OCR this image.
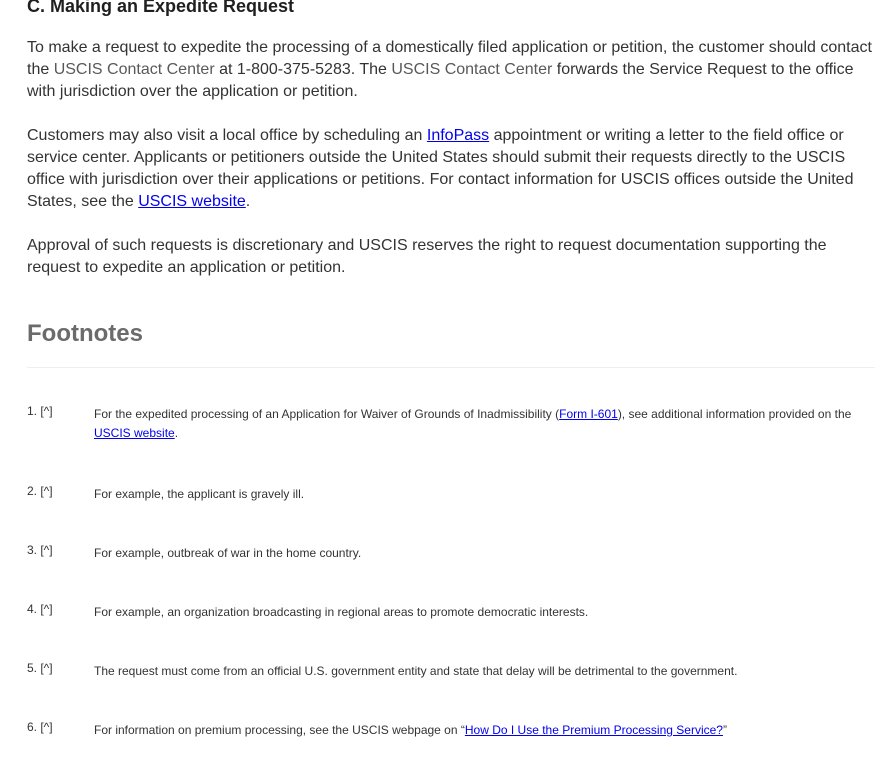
C. Making an Expedite Request

To make a request to expedite the processing of a domestically filed application or petition, the customer should contact the USCIS Contact Center at 1-800-375-5283. The USCIS Contact Center forwards the Service Request to the office with jurisdiction over the application or petition.

Customers may also visit a local office by scheduling an InfoPass appointment or writing a letter to the field office or service center. Applicants or petitioners outside the United States should submit their requests directly to the USCIS office with jurisdiction over their applications or petitions. For contact information for USCIS offices outside the United States, see the USCIS website.

Approval of such requests is discretionary and USCIS reserves the right to request documentation supporting the request to expedite an application or petition.

Footnotes
1. [^]	For the expedited processing of an Application for Waiver of Grounds of Inadmissibility (Form I-601), see additional information provided on the USCIS website.
2. [^]	For example, the applicant is gravely ill.
3. [^]	For example, outbreak of war in the home country.
4. [^]	For example, an organization broadcasting in regional areas to promote democratic interests.
5. [^]	The request must come from an official U.S. government entity and state that delay will be detrimental to the government.
6. [^]	For information on premium processing, see the USCIS webpage on “How Do I Use the Premium Processing Service?”
